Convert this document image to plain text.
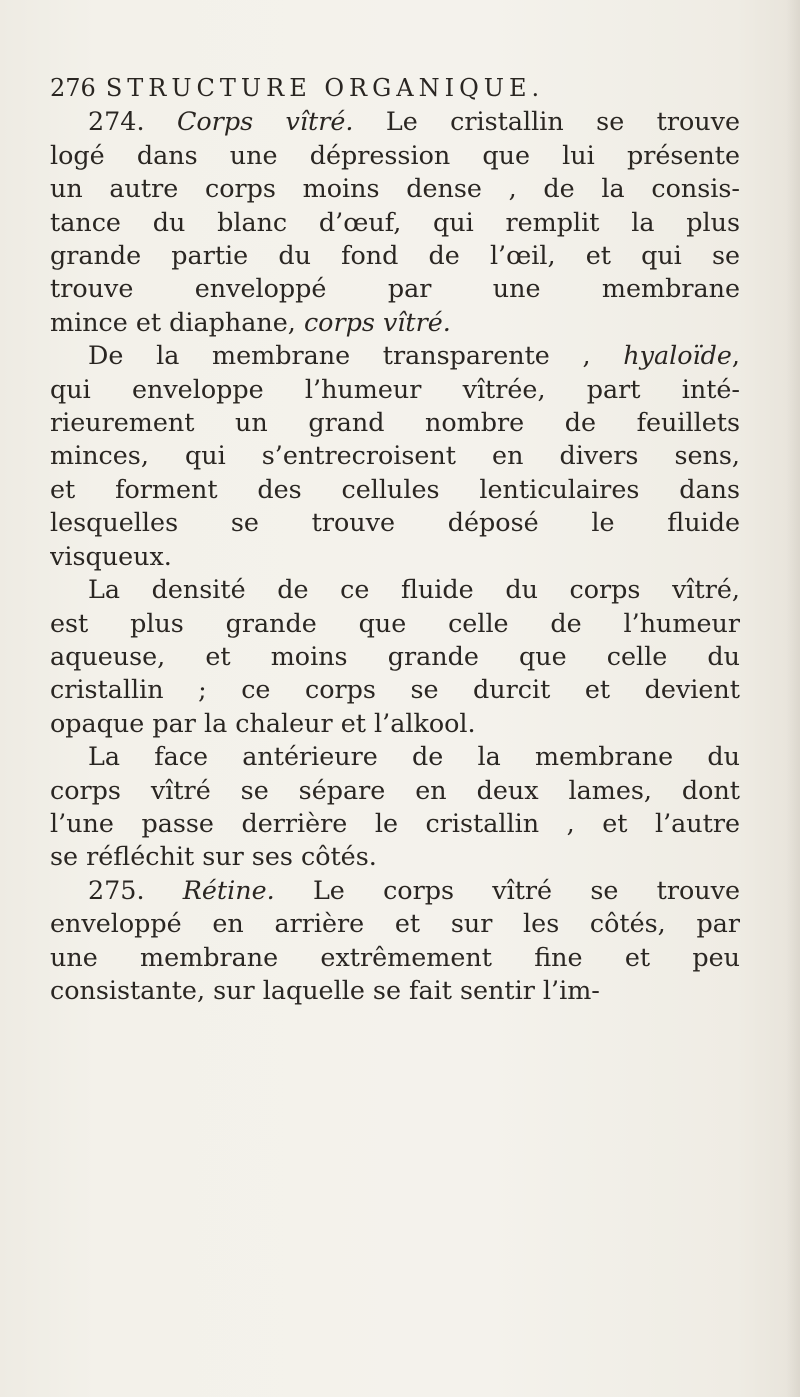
276 STRUCTURE ORGANIQUE.
274. Corps vîtré. Le cristallin se trouve
logé dans une dépression que lui présente
un autre corps moins dense , de la consis-
tance du blanc d’œuf, qui remplit la plus
grande partie du fond de l’œil, et qui se
trouve enveloppé par une membrane
mince et diaphane, corps vîtré.
De la membrane transparente , hyaloïde,
qui enveloppe l’humeur vîtrée, part inté-
rieurement un grand nombre de feuillets
minces, qui s’entrecroisent en divers sens,
et forment des cellules lenticulaires dans
lesquelles se trouve déposé le fluide
visqueux.
La densité de ce fluide du corps vîtré,
est plus grande que celle de l’humeur
aqueuse, et moins grande que celle du
cristallin ; ce corps se durcit et devient
opaque par la chaleur et l’alkool.
La face antérieure de la membrane du
corps vîtré se sépare en deux lames, dont
l’une passe derrière le cristallin , et l’autre
se réfléchit sur ses côtés.
275. Rétine. Le corps vîtré se trouve
enveloppé en arrière et sur les côtés, par
une membrane extrêmement fine et peu
consistante, sur laquelle se fait sentir l’im-
